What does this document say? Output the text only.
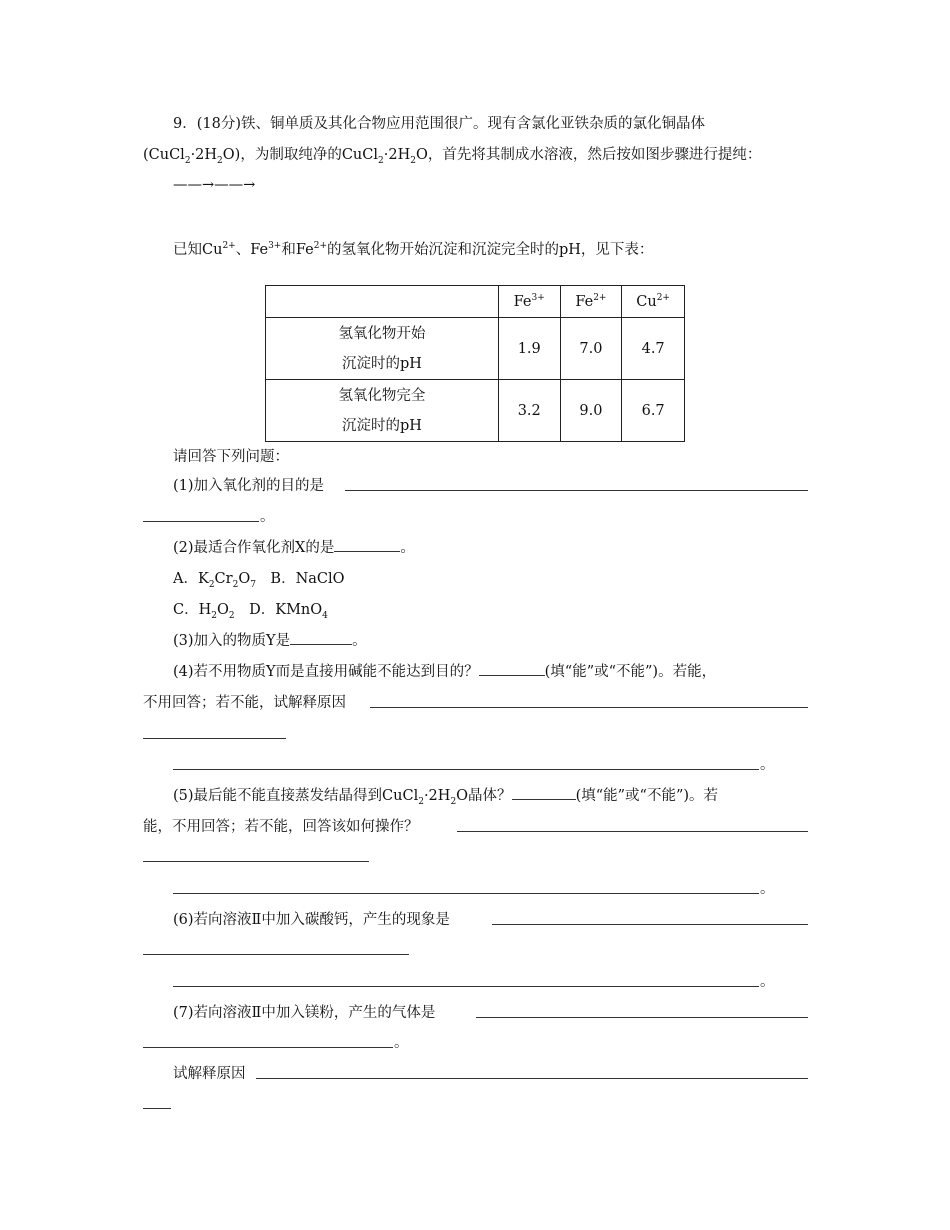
9．(18分)铁、铜单质及其化合物应用范围很广。现有含氯化亚铁杂质的氯化铜晶体
$(CuCl_2\cdot 2H_2O)$，为制取纯净的$CuCl_2\cdot 2H_2O$，首先将其制成水溶液，然后按如图步骤进行提纯：
——→——→
已知$Cu^{2+}$、$Fe^{3+}$和$Fe^{2+}$的氢氧化物开始沉淀和沉淀完全时的pH，见下表：
	$Fe^{3+}$	$Fe^{2+}$	$Cu^{2+}$
氢氧化物开始
沉淀时的pH	1.9	7.0	4.7
氢氧化物完全
沉淀时的pH	3.2	9.0	6.7
请回答下列问题：
(1)加入氧化剂的目的是
。
(2)最适合作氧化剂X的是	。
A．$K_2Cr_2O_7$　B．NaClO
C．$H_2O_2$　D．KMnO$_4$
(3)加入的物质Y是	。
(4)若不用物质Y而是直接用碱能不能达到目的？	(填“能”或“不能”)。若能，
不用回答；若不能，试解释原因
。
(5)最后能不能直接蒸发结晶得到$CuCl_2\cdot 2H_2O$晶体？	(填“能”或“不能”)。若
能，不用回答；若不能，回答该如何操作？
。
(6)若向溶液Ⅱ中加入碳酸钙，产生的现象是
。
(7)若向溶液Ⅱ中加入镁粉，产生的气体是
。
试解释原因
